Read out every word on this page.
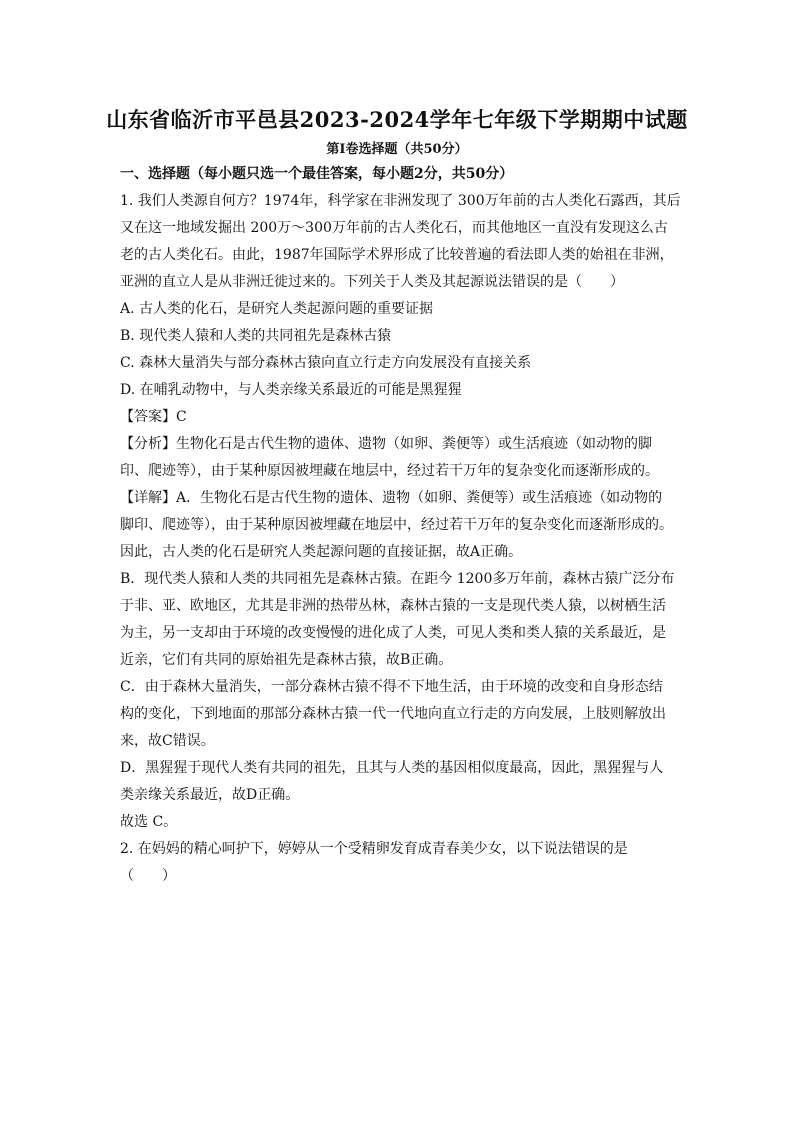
山东省临沂市平邑县2023-2024学年七年级下学期期中试题

第I卷选择题（共50分）

一、选择题（每小题只选一个最佳答案，每小题2分，共50分）

1. 我们人类源自何方？1974年，科学家在非洲发现了 300万年前的古人类化石露西，其后

又在这一地域发掘出 200万～300万年前的古人类化石，而其他地区一直没有发现这么古

老的古人类化石。由此，1987年国际学术界形成了比较普遍的看法即人类的始祖在非洲，

亚洲的直立人是从非洲迁徙过来的。下列关于人类及其起源说法错误的是（　　）

A. 古人类的化石，是研究人类起源问题的重要证据

B. 现代类人猿和人类的共同祖先是森林古猿

C. 森林大量消失与部分森林古猿向直立行走方向发展没有直接关系

D. 在哺乳动物中，与人类亲缘关系最近的可能是黑猩猩

【答案】C

【分析】生物化石是古代生物的遗体、遗物（如卵、粪便等）或生活痕迹（如动物的脚

印、爬迹等），由于某种原因被埋藏在地层中，经过若干万年的复杂变化而逐渐形成的。

【详解】A．生物化石是古代生物的遗体、遗物（如卵、粪便等）或生活痕迹（如动物的

脚印、爬迹等），由于某种原因被埋藏在地层中，经过若干万年的复杂变化而逐渐形成的。

因此，古人类的化石是研究人类起源问题的直接证据，故A正确。

B．现代类人猿和人类的共同祖先是森林古猿。在距今 1200多万年前，森林古猿广泛分布

于非、亚、欧地区，尤其是非洲的热带丛林，森林古猿的一支是现代类人猿，以树栖生活

为主，另一支却由于环境的改变慢慢的进化成了人类，可见人类和类人猿的关系最近，是

近亲，它们有共同的原始祖先是森林古猿，故B正确。

C．由于森林大量消失，一部分森林古猿不得不下地生活，由于环境的改变和自身形态结

构的变化，下到地面的那部分森林古猿一代一代地向直立行走的方向发展，上肢则解放出

来，故C错误。

D．黑猩猩于现代人类有共同的祖先，且其与人类的基因相似度最高，因此，黑猩猩与人

类亲缘关系最近，故D正确。

故选 C。

2. 在妈妈的精心呵护下，婷婷从一个受精卵发育成青春美少女，以下说法错误的是

（　　）
